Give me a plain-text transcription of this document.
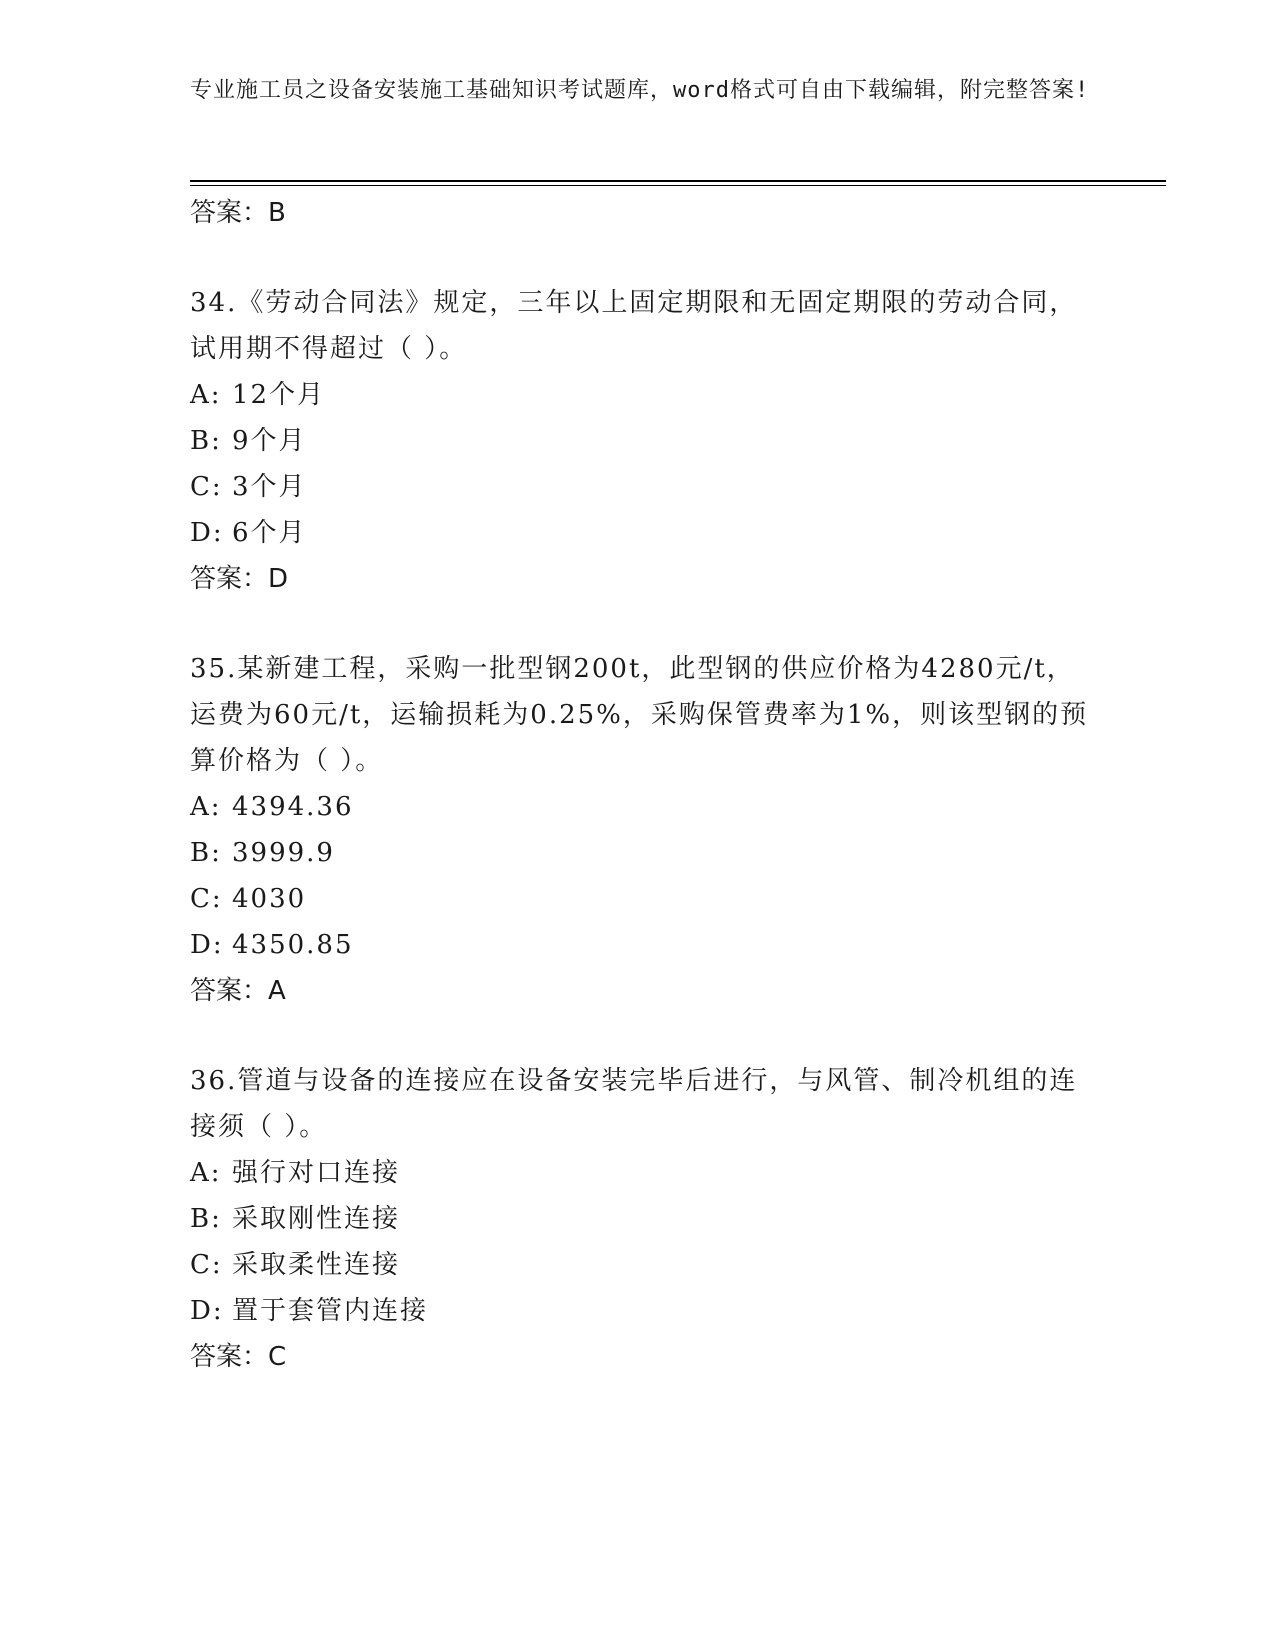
专业施工员之设备安装施工基础知识考试题库，word格式可自由下载编辑，附完整答案!
答案：B
34.《劳动合同法》规定，三年以上固定期限和无固定期限的劳动合同，试用期不得超过（ ）。
A: 12个月
B: 9个月
C: 3个月
D: 6个月
答案：D
35.某新建工程，采购一批型钢200t，此型钢的供应价格为4280元/t，运费为60元/t，运输损耗为0.25%，采购保管费率为1%，则该型钢的预算价格为（ ）。
A: 4394.36
B: 3999.9
C: 4030
D: 4350.85
答案：A
36.管道与设备的连接应在设备安装完毕后进行，与风管、制冷机组的连接须（ ）。
A: 强行对口连接
B: 采取刚性连接
C: 采取柔性连接
D: 置于套管内连接
答案：C
